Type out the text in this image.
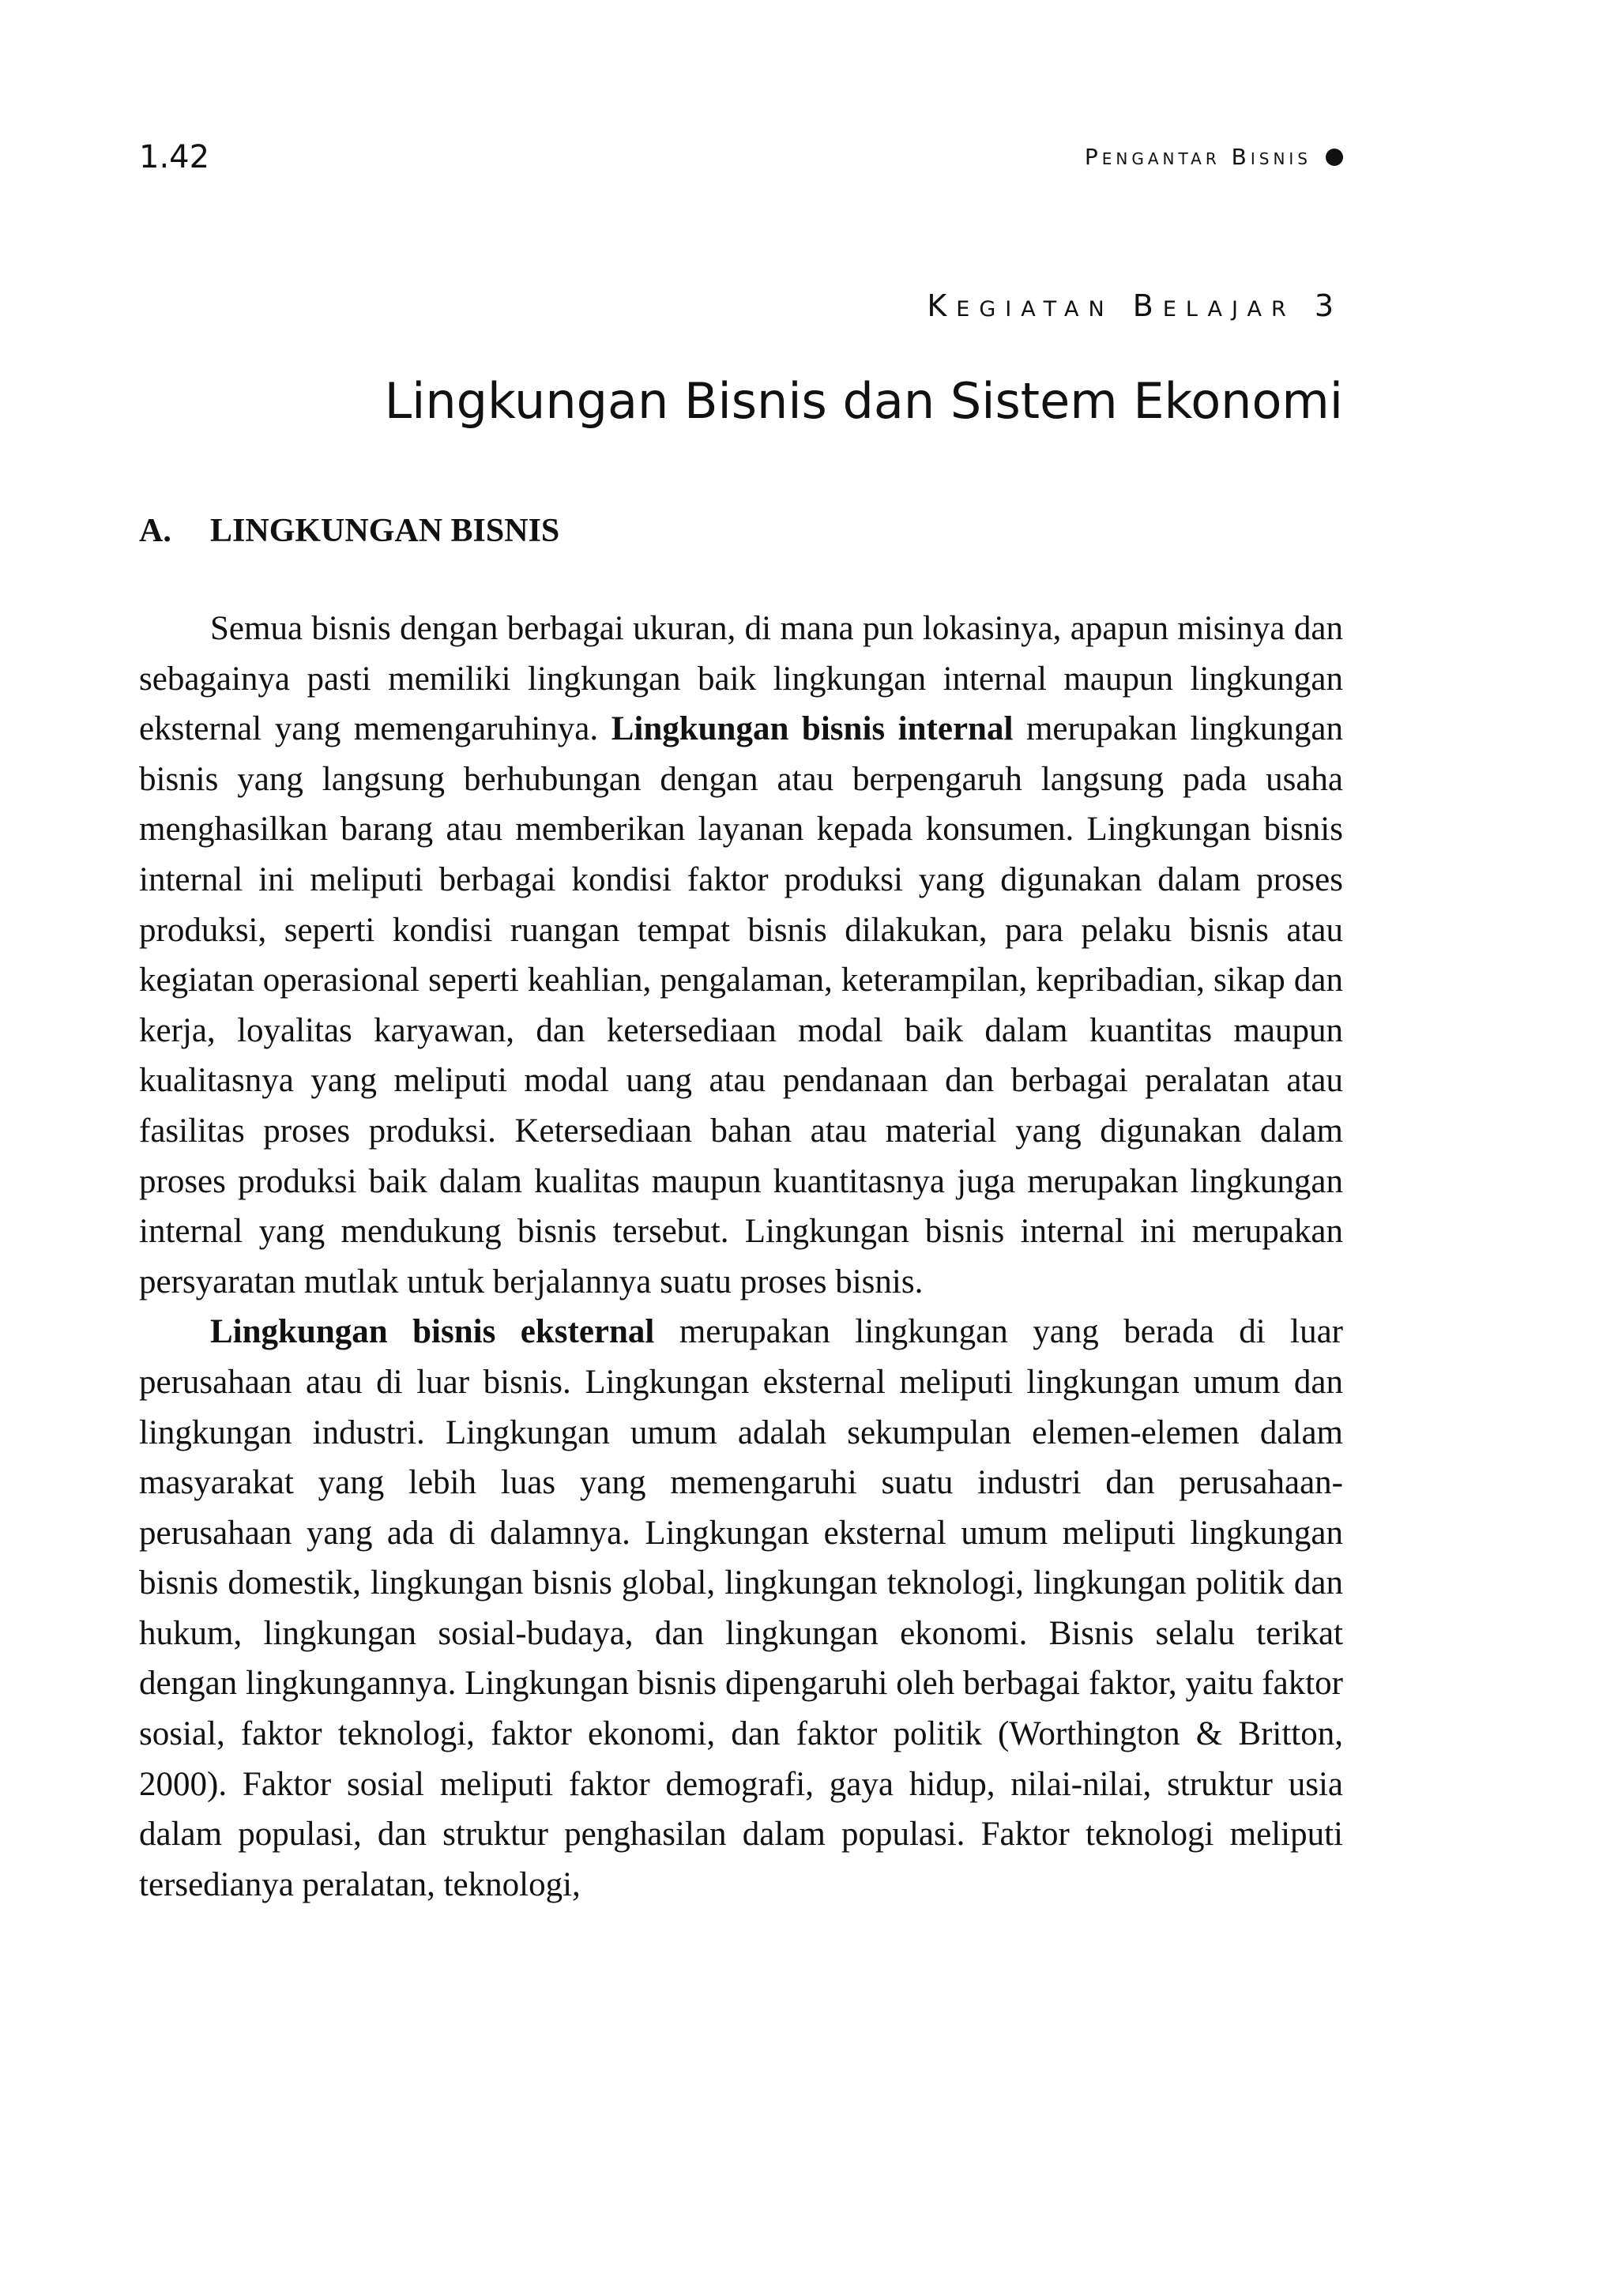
1.42	Pengantar Bisnis
Kegiatan Belajar 3
Lingkungan Bisnis dan Sistem Ekonomi
A. LINGKUNGAN BISNIS

Semua bisnis dengan berbagai ukuran, di mana pun lokasinya, apapun misinya dan sebagainya pasti memiliki lingkungan baik lingkungan internal maupun lingkungan eksternal yang memengaruhinya. Lingkungan bisnis internal merupakan lingkungan bisnis yang langsung berhubungan dengan atau berpengaruh langsung pada usaha menghasilkan barang atau memberikan layanan kepada konsumen. Lingkungan bisnis internal ini meliputi berbagai kondisi faktor produksi yang digunakan dalam proses produksi, seperti kondisi ruangan tempat bisnis dilakukan, para pelaku bisnis atau kegiatan operasional seperti keahlian, pengalaman, keterampilan, kepribadian, sikap dan kerja, loyalitas karyawan, dan ketersediaan modal baik dalam kuantitas maupun kualitasnya yang meliputi modal uang atau pendanaan dan berbagai peralatan atau fasilitas proses produksi. Ketersediaan bahan atau material yang digunakan dalam proses produksi baik dalam kualitas maupun kuantitasnya juga merupakan lingkungan internal yang mendukung bisnis tersebut. Lingkungan bisnis internal ini merupakan persyaratan mutlak untuk berjalannya suatu proses bisnis.

Lingkungan bisnis eksternal merupakan lingkungan yang berada di luar perusahaan atau di luar bisnis. Lingkungan eksternal meliputi lingkungan umum dan lingkungan industri. Lingkungan umum adalah sekumpulan elemen-elemen dalam masyarakat yang lebih luas yang memengaruhi suatu industri dan perusahaan-perusahaan yang ada di dalamnya. Lingkungan eksternal umum meliputi lingkungan bisnis domestik, lingkungan bisnis global, lingkungan teknologi, lingkungan politik dan hukum, lingkungan sosial-budaya, dan lingkungan ekonomi. Bisnis selalu terikat dengan lingkungannya. Lingkungan bisnis dipengaruhi oleh berbagai faktor, yaitu faktor sosial, faktor teknologi, faktor ekonomi, dan faktor politik (Worthington & Britton, 2000). Faktor sosial meliputi faktor demografi, gaya hidup, nilai-nilai, struktur usia dalam populasi, dan struktur penghasilan dalam populasi. Faktor teknologi meliputi tersedianya peralatan, teknologi,
